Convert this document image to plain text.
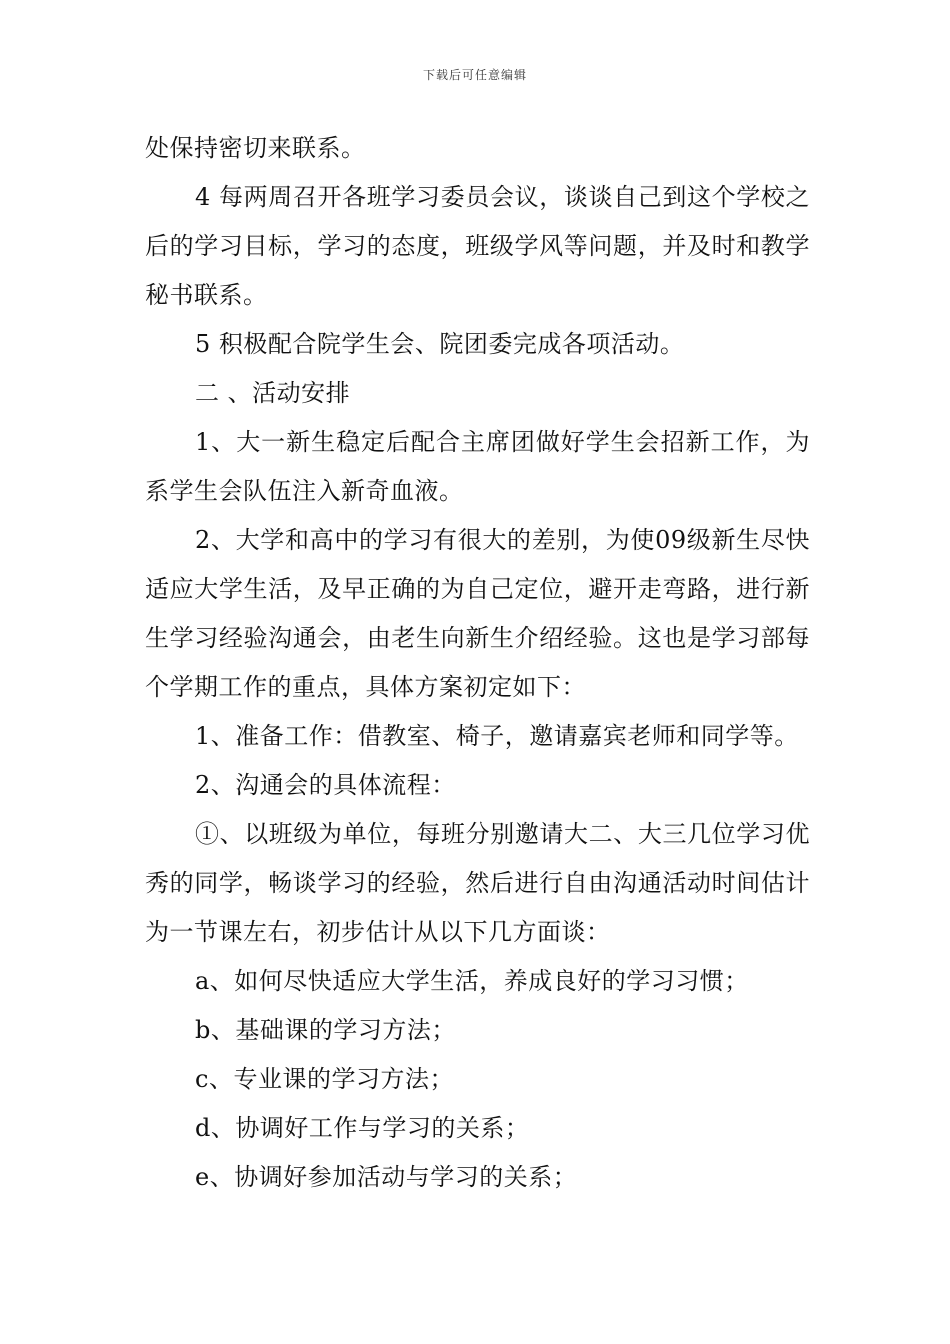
下载后可任意编辑

处保持密切来联系。

4 每两周召开各班学习委员会议，谈谈自己到这个学校之后的学习目标，学习的态度，班级学风等问题，并及时和教学秘书联系。

5 积极配合院学生会、院团委完成各项活动。

二 、活动安排

1、大一新生稳定后配合主席团做好学生会招新工作，为系学生会队伍注入新奇血液。

2、大学和高中的学习有很大的差别，为使09级新生尽快适应大学生活，及早正确的为自己定位，避开走弯路，进行新生学习经验沟通会，由老生向新生介绍经验。这也是学习部每个学期工作的重点，具体方案初定如下：

1、准备工作：借教室、椅子，邀请嘉宾老师和同学等。

2、沟通会的具体流程：

①、以班级为单位，每班分别邀请大二、大三几位学习优秀的同学，畅谈学习的经验，然后进行自由沟通活动时间估计为一节课左右，初步估计从以下几方面谈：

a、如何尽快适应大学生活，养成良好的学习习惯；

b、基础课的学习方法；

c、专业课的学习方法；

d、协调好工作与学习的关系；

e、协调好参加活动与学习的关系；
